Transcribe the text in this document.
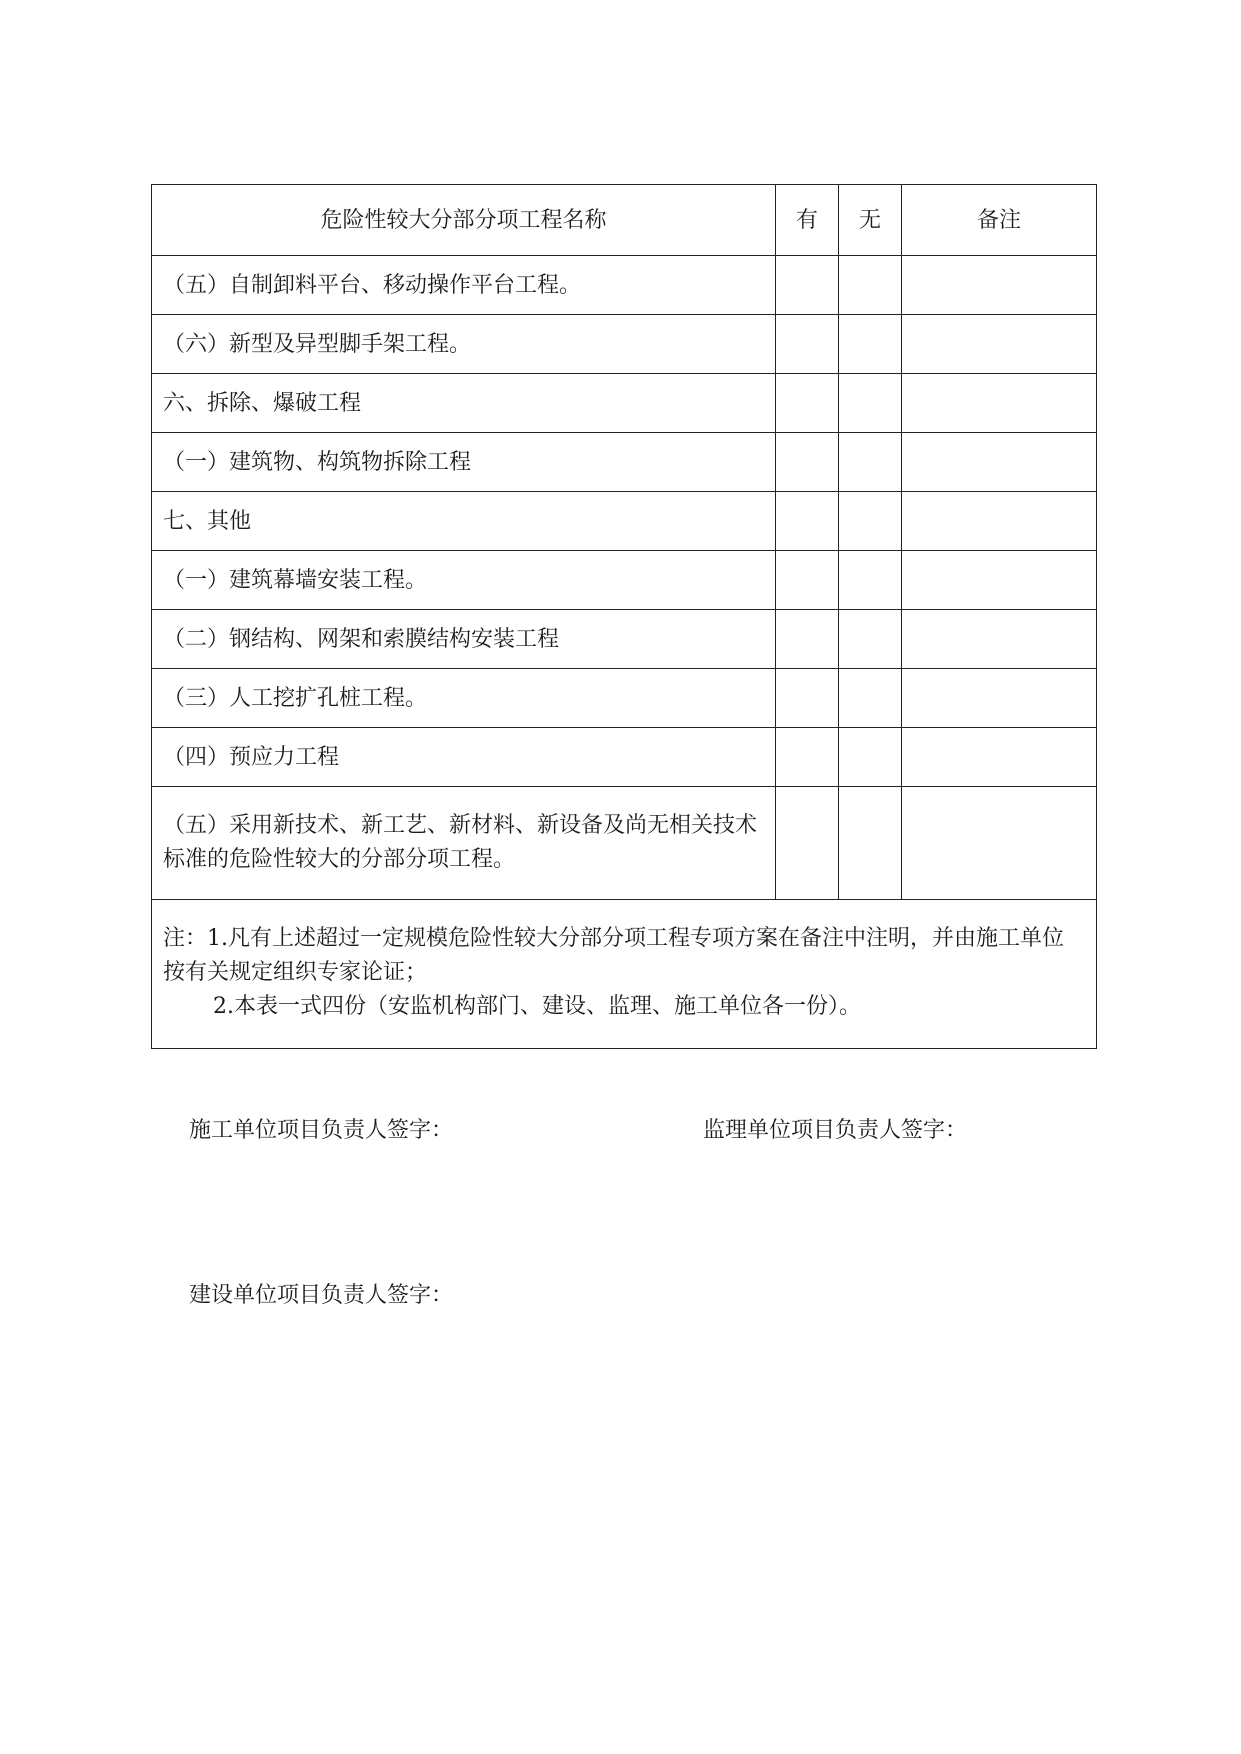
危险性较大分部分项工程名称	有	无	备注
（五）自制卸料平台、移动操作平台工程。			
（六）新型及异型脚手架工程。			
六、拆除、爆破工程			
（一）建筑物、构筑物拆除工程			
七、其他			
（一）建筑幕墙安装工程。			
（二）钢结构、网架和索膜结构安装工程			
（三）人工挖扩孔桩工程。			
（四）预应力工程			
（五）采用新技术、新工艺、新材料、新设备及尚无相关技术标准的危险性较大的分部分项工程。			
注：1.凡有上述超过一定规模危险性较大分部分项工程专项方案在备注中注明，并由施工单位按有关规定组织专家论证；
2.本表一式四份（安监机构部门、建设、监理、施工单位各一份）。			
施工单位项目负责人签字：	监理单位项目负责人签字：
建设单位项目负责人签字：
